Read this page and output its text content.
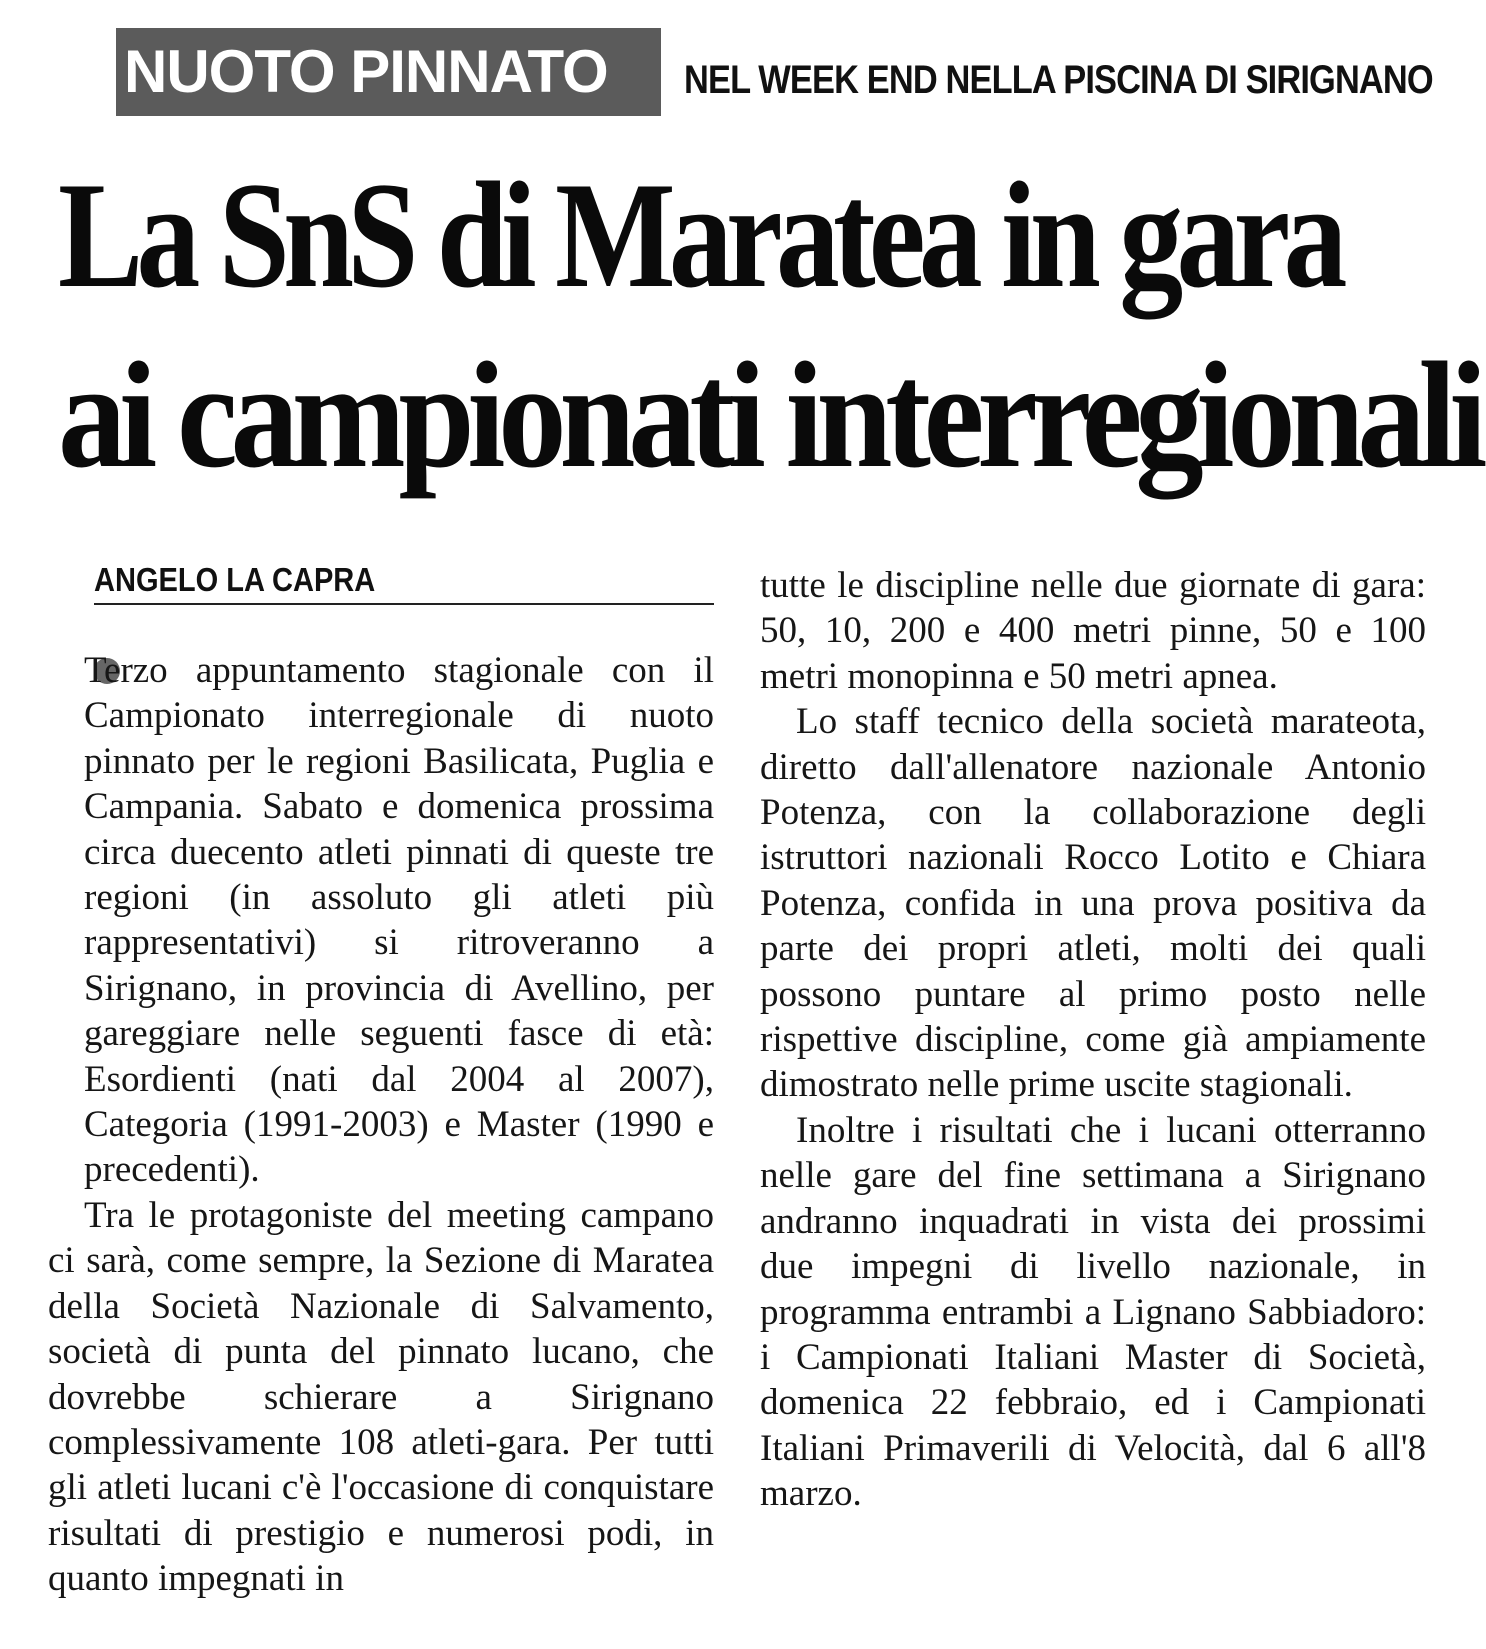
NUOTO PINNATO NEL WEEK END NELLA PISCINA DI SIRIGNANO
La SnS di Maratea in gara
ai campionati interregionali
ANGELO LA CAPRA

Terzo appuntamento stagionale con il Campionato interregionale di nuoto pinnato per le regioni Basilicata, Puglia e Campania. Sabato e domenica prossima circa duecento atleti pinnati di queste tre regioni (in assoluto gli atleti più rappresentativi) si ritroveranno a Sirignano, in provincia di Avellino, per gareggiare nelle seguenti fasce di età: Esordienti (nati dal 2004 al 2007), Categoria (1991-2003) e Master (1990 e precedenti).

Tra le protagoniste del meeting campano ci sarà, come sempre, la Sezione di Maratea della Società Nazionale di Salvamento, società di punta del pinnato lucano, che dovrebbe schierare a Sirignano complessivamente 108 atleti-gara. Per tutti gli atleti lucani c'è l'occasione di conquistare risultati di prestigio e numerosi podi, in quanto impegnati in

tutte le discipline nelle due giornate di gara: 50, 10, 200 e 400 metri pinne, 50 e 100 metri monopinna e 50 metri apnea.

Lo staff tecnico della società marateota, diretto dall'allenatore nazionale Antonio Potenza, con la collaborazione degli istruttori nazionali Rocco Lotito e Chiara Potenza, confida in una prova positiva da parte dei propri atleti, molti dei quali possono puntare al primo posto nelle rispettive discipline, come già ampiamente dimostrato nelle prime uscite stagionali.

Inoltre i risultati che i lucani otterranno nelle gare del fine settimana a Sirignano andranno inquadrati in vista dei prossimi due impegni di livello nazionale, in programma entrambi a Lignano Sabbiadoro: i Campionati Italiani Master di Società, domenica 22 febbraio, ed i Campionati Italiani Primaverili di Velocità, dal 6 all'8 marzo.
